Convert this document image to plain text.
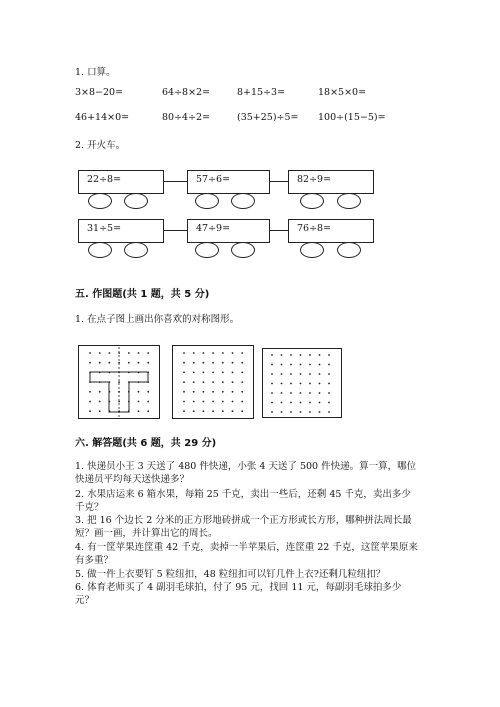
1. 口算。
3×8−20=	64÷8×2=	8+15÷3=	18×5×0=
46+14×0=	80÷4÷2=	(35+25)÷5= 100÷(15−5)=
2. 开火车。
22÷8=	57÷6=	82÷9=
31÷5=	47÷9=	76÷8=
五. 作图题(共 1 题，共 5 分)
1. 在点子图上画出你喜欢的对称图形。
六. 解答题(共 6 题，共 29 分)
1. 快递员小王 3 天送了 480 件快递，小张 4 天送了 500 件快递。算一算，哪位快递员平均每天送快递多？
2. 水果店运来 6 箱水果，每箱 25 千克，卖出一些后，还剩 45 千克，卖出多少千克？
3. 把 16 个边长 2 分米的正方形地砖拼成一个正方形或长方形，哪种拼法周长最短？画一画，并计算出它的周长。
4. 有一筐苹果连筐重 42 千克，卖掉一半苹果后，连筐重 22 千克，这筐苹果原来有多重？
5. 做一件上衣要钉 5 粒纽扣，48 粒纽扣可以钉几件上衣?还剩几粒纽扣？
6. 体育老师买了 4 副羽毛球拍，付了 95 元，找回 11 元，每副羽毛球拍多少元？
